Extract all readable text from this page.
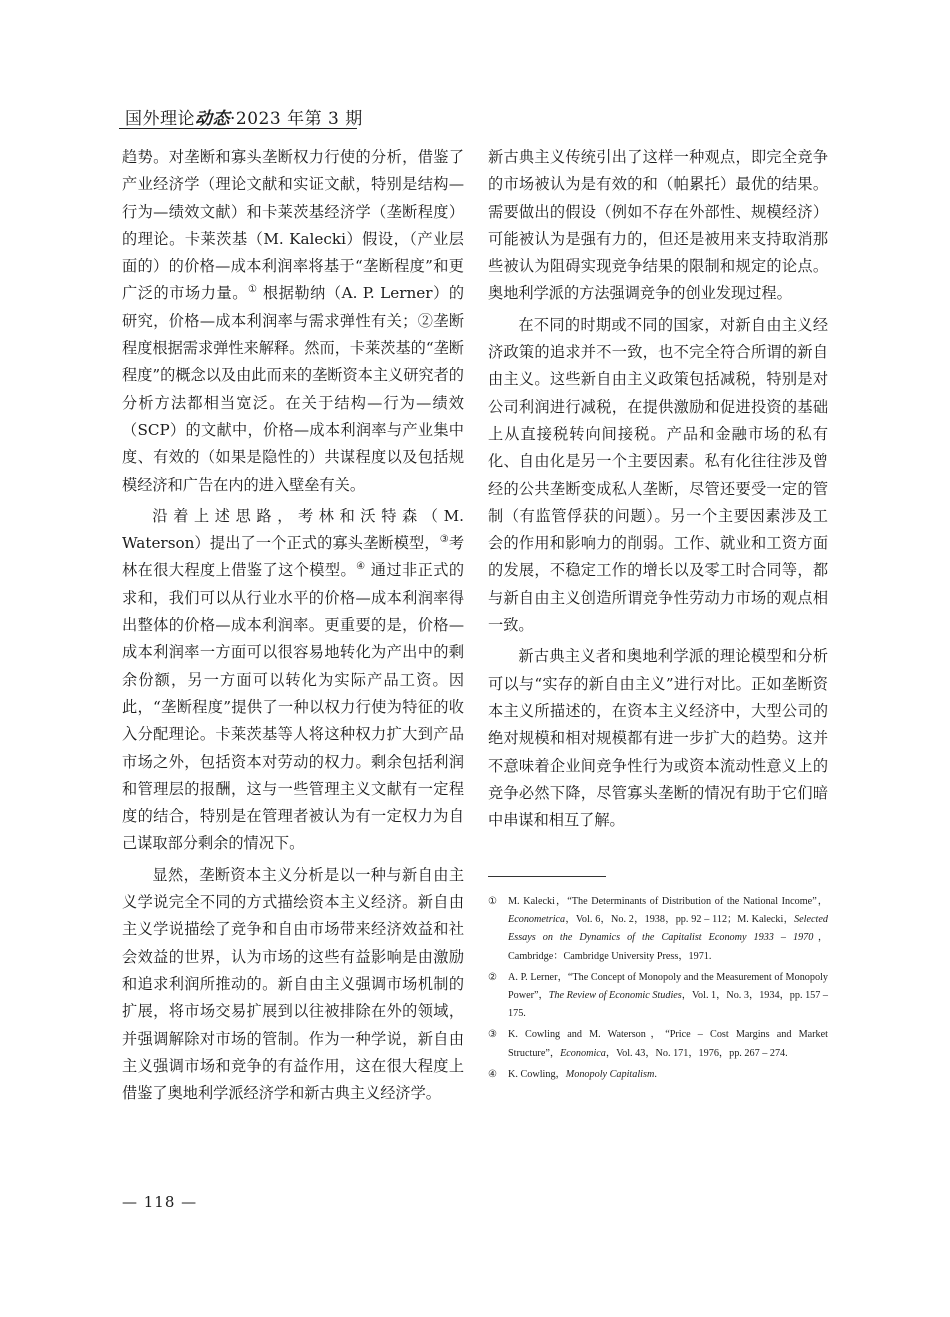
国外理论动态·2023 年第 3 期

趋势。对垄断和寡头垄断权力行使的分析，借鉴了产业经济学（理论文献和实证文献，特别是结构—行为—绩效文献）和卡莱茨基经济学（垄断程度）的理论。卡莱茨基（M. Kalecki）假设，（产业层面的）的价格—成本利润率将基于“垄断程度”和更广泛的市场力量。① 根据勒纳（A. P. Lerner）的研究，价格—成本利润率与需求弹性有关；②垄断程度根据需求弹性来解释。然而，卡莱茨基的“垄断程度”的概念以及由此而来的垄断资本主义研究者的分析方法都相当宽泛。在关于结构—行为—绩效（SCP）的文献中，价格—成本利润率与产业集中度、有效的（如果是隐性的）共谋程度以及包括规模经济和广告在内的进入壁垒有关。

沿着上述思路，考林和沃特森（M. Waterson）提出了一个正式的寡头垄断模型，③考林在很大程度上借鉴了这个模型。④ 通过非正式的求和，我们可以从行业水平的价格—成本利润率得出整体的价格—成本利润率。更重要的是，价格—成本利润率一方面可以很容易地转化为产出中的剩余份额，另一方面可以转化为实际产品工资。因此，“垄断程度”提供了一种以权力行使为特征的收入分配理论。卡莱茨基等人将这种权力扩大到产品市场之外，包括资本对劳动的权力。剩余包括利润和管理层的报酬，这与一些管理主义文献有一定程度的结合，特别是在管理者被认为有一定权力为自己谋取部分剩余的情况下。

显然，垄断资本主义分析是以一种与新自由主义学说完全不同的方式描绘资本主义经济。新自由主义学说描绘了竞争和自由市场带来经济效益和社会效益的世界，认为市场的这些有益影响是由激励和追求利润所推动的。新自由主义强调市场机制的扩展，将市场交易扩展到以往被排除在外的领域，并强调解除对市场的管制。作为一种学说，新自由主义强调市场和竞争的有益作用，这在很大程度上借鉴了奥地利学派经济学和新古典主义经济学。

新古典主义传统引出了这样一种观点，即完全竞争的市场被认为是有效的和（帕累托）最优的结果。需要做出的假设（例如不存在外部性、规模经济）可能被认为是强有力的，但还是被用来支持取消那些被认为阻碍实现竞争结果的限制和规定的论点。奥地利学派的方法强调竞争的创业发现过程。

在不同的时期或不同的国家，对新自由主义经济政策的追求并不一致，也不完全符合所谓的新自由主义。这些新自由主义政策包括减税，特别是对公司利润进行减税，在提供激励和促进投资的基础上从直接税转向间接税。产品和金融市场的私有化、自由化是另一个主要因素。私有化往往涉及曾经的公共垄断变成私人垄断，尽管还要受一定的管制（有监管俘获的问题）。另一个主要因素涉及工会的作用和影响力的削弱。工作、就业和工资方面的发展，不稳定工作的增长以及零工时合同等，都与新自由主义创造所谓竞争性劳动力市场的观点相一致。

新古典主义者和奥地利学派的理论模型和分析可以与“实存的新自由主义”进行对比。正如垄断资本主义所描述的，在资本主义经济中，大型公司的绝对规模和相对规模都有进一步扩大的趋势。这并不意味着企业间竞争性行为或资本流动性意义上的竞争必然下降，尽管寡头垄断的情况有助于它们暗中串谋和相互了解。

①	M. Kalecki，“The Determinants of Distribution of the National Income”，Econometrica，Vol. 6，No. 2，1938，pp. 92 – 112；M. Kalecki，Selected Essays on the Dynamics of the Capitalist Economy 1933 – 1970，Cambridge：Cambridge University Press，1971.
②	A. P. Lerner，“The Concept of Monopoly and the Measurement of Monopoly Power”，The Review of Economic Studies，Vol. 1，No. 3，1934，pp. 157 – 175.
③	K. Cowling and M. Waterson，“Price – Cost Margins and Market Structure”，Economica，Vol. 43，No. 171，1976，pp. 267 – 274.
④	K. Cowling，Monopoly Capitalism.
— 118 —
